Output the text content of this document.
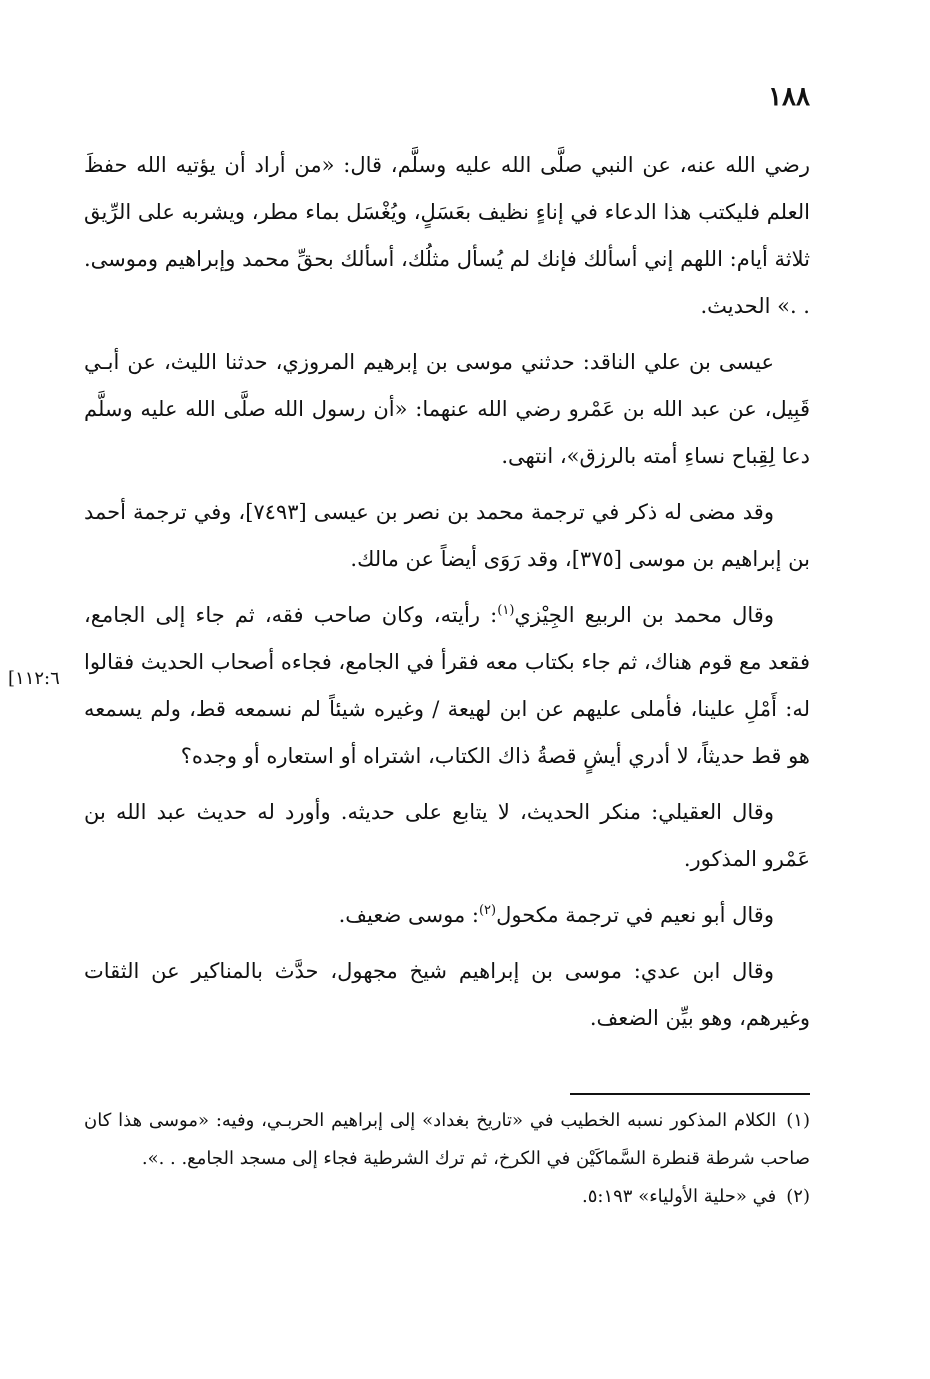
١٨٨
[١١٢:٦

رضي الله عنه، عن النبي صلَّى الله عليه وسلَّم، قال: «من أراد أن يؤتيه الله حفظَ العلم فليكتب هذا الدعاء في إناءٍ نظيف بعَسَلٍ، ويُغْسَل بماء مطر، ويشربه على الرِّيق ثلاثة أيام: اللهم إني أسألك فإنك لم يُسأل مثلُك، أسألك بحقِّ محمد وإبراهيم وموسى. . .» الحديث.

عيسى بن علي الناقد: حدثني موسى بن إبرهيم المروزي، حدثنا الليث، عن أبـي قَبِيل، عن عبد الله بن عَمْرو رضي الله عنهما: «أن رسول الله صلَّى الله عليه وسلَّم دعا لِقِباح نساءِ أمته بالرزق»، انتهى.

وقد مضى له ذكر في ترجمة محمد بن نصر بن عيسى [٧٤٩٣]، وفي ترجمة أحمد بن إبراهيم بن موسى [٣٧٥]، وقد رَوَى أيضاً عن مالك.

وقال محمد بن الربيع الجِيْزي$^{(١)}$: رأيته، وكان صاحب فقه، ثم جاء إلى الجامع، فقعد مع قوم هناك، ثم جاء بكتاب معه فقرأ في الجامع، فجاءه أصحاب الحديث فقالوا له: أَمْلِ علينا، فأملى عليهم عن ابن لهيعة / وغيره شيئاً لم نسمعه قط، ولم يسمعه هو قط حديثاً، لا أدري أيشٍ قصةُ ذاك الكتاب، اشتراه أو استعاره أو وجده؟

وقال العقيلي: منكر الحديث، لا يتابع على حديثه. وأورد له حديث عبد الله بن عَمْرو المذكور.

وقال أبو نعيم في ترجمة مكحول$^{(٢)}$: موسى ضعيف.

وقال ابن عدي: موسى بن إبراهيم شيخ مجهول، حدَّث بالمناكير عن الثقات وغيرهم، وهو بيِّن الضعف.

(١)الكلام المذكور نسبه الخطيب في «تاريخ بغداد» إلى إبراهيم الحربـي، وفيه: «موسى هذا كان صاحب شرطة قنطرة السَّماكَيْن في الكرخ، ثم ترك الشرطية فجاء إلى مسجد الجامع. . .».

(٢)في «حلية الأولياء» ٥:١٩٣.
